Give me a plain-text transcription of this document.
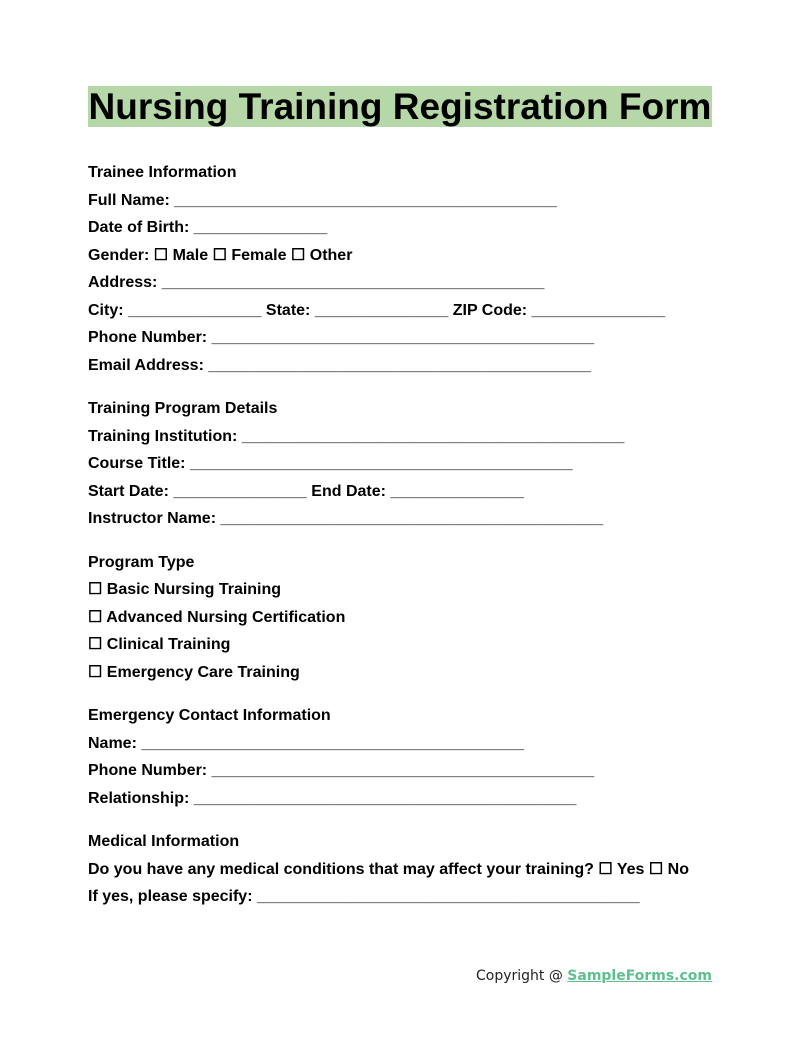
Nursing Training Registration Form

Trainee Information

Full Name: ___________________________________________

Date of Birth: _______________

Gender: ☐ Male ☐ Female ☐ Other

Address: ___________________________________________

City: _______________ State: _______________ ZIP Code: _______________

Phone Number: ___________________________________________

Email Address: ___________________________________________

Training Program Details

Training Institution: ___________________________________________

Course Title: ___________________________________________

Start Date: _______________ End Date: _______________

Instructor Name: ___________________________________________

Program Type

☐ Basic Nursing Training

☐ Advanced Nursing Certification

☐ Clinical Training

☐ Emergency Care Training

Emergency Contact Information

Name: ___________________________________________

Phone Number: ___________________________________________

Relationship: ___________________________________________

Medical Information

Do you have any medical conditions that may affect your training? ☐ Yes ☐ No

If yes, please specify: ___________________________________________

Copyright @ SampleForms.com
